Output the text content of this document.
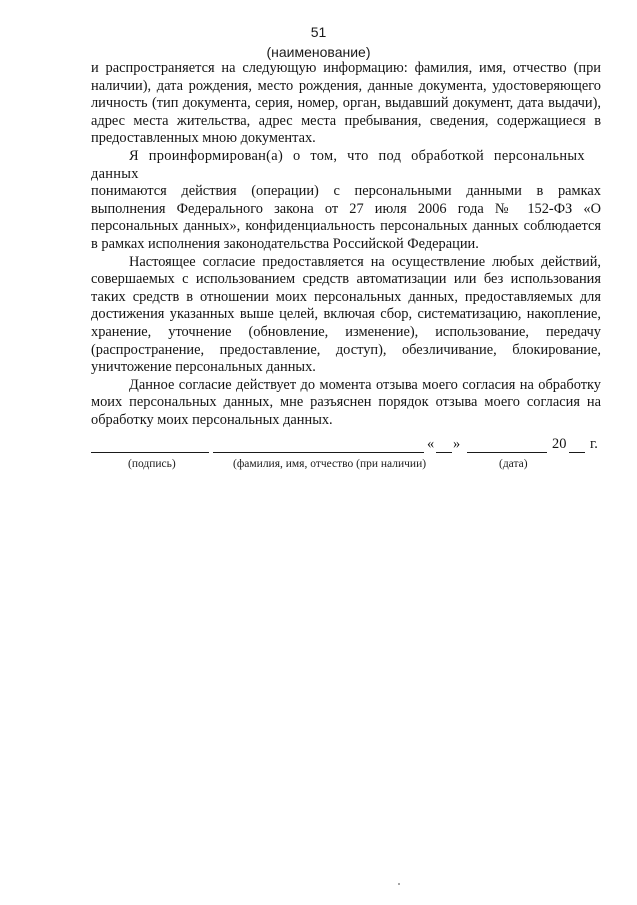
51
(наименование)

и распространяется на следующую информацию: фамилия, имя, отчество (при наличии), дата рождения, место рождения, данные документа, удостоверяющего личность (тип документа, серия, номер, орган, выдавший документ, дата выдачи), адрес места жительства, адрес места пребывания, сведения, содержащиеся в предоставленных мною документах.

Я проинформирован(а) о том, что под обработкой персональных данных

понимаются действия (операции) с персональными данными в рамках выполнения Федерального закона от 27 июля 2006 года № 152-ФЗ «О персональных данных», конфиденциальность персональных данных соблюдается в рамках исполнения законодательства Российской Федерации.

Настоящее согласие предоставляется на осуществление любых действий, совершаемых с использованием средств автоматизации или без использования таких средств в отношении моих персональных данных, предоставляемых для достижения указанных выше целей, включая сбор, систематизацию, накопление, хранение, уточнение (обновление, изменение), использование, передачу (распространение, предоставление, доступ), обезличивание, блокирование, уничтожение персональных данных.

Данное согласие действует до момента отзыва моего согласия на обработку моих персональных данных, мне разъяснен порядок отзыва моего согласия на обработку моих персональных данных.

« »	20 г.
(подпись)	(фамилия, имя, отчество (при наличии)	(дата)
